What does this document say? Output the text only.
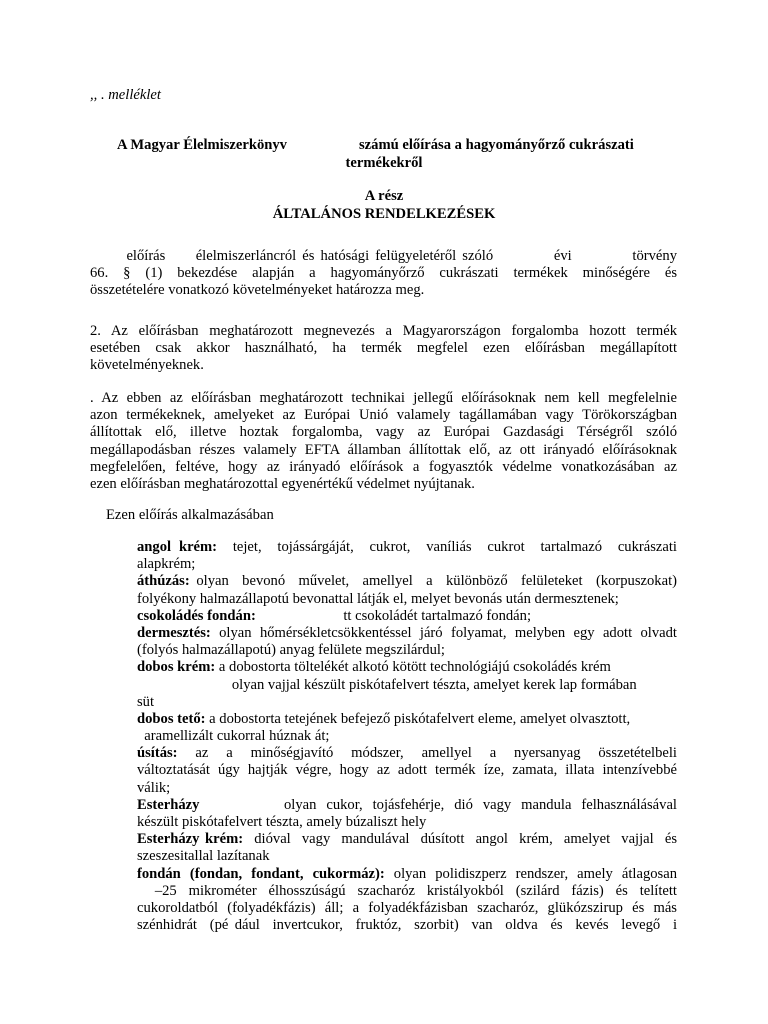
,, . melléklet
A Magyar Élelmiszerkönyv	számú előírása a hagyományőrző cukrászati
termékekről
A rész
ÁLTALÁNOS RENDELKEZÉSEK
előírás     élelmiszerláncról és hatósági felügyeletéről szóló          évi          törvény
66. § (1) bekezdése alapján a hagyományőrző cukrászati termékek minőségére és
összetételére vonatkozó követelményeket határozza meg.
2. Az előírásban meghatározott megnevezés a Magyarországon forgalomba hozott termék
esetében csak akkor használható, ha termék megfelel ezen előírásban megállapított
követelményeknek.
. Az ebben az előírásban meghatározott technikai jellegű előírásoknak nem kell megfelelnie
azon termékeknek, amelyeket az Európai Unió valamely tagállamában vagy Törökországban
állítottak elő, illetve hoztak forgalomba, vagy az Európai Gazdasági Térségről szóló
megállapodásban részes valamely EFTA államban állítottak elő, az ott irányadó előírásoknak
megfelelően, feltéve, hogy az irányadó előírások a fogyasztók védelme vonatkozásában az
ezen előírásban meghatározottal egyenértékű védelmet nyújtanak.
Ezen előírás alkalmazásában
angol krém:  tejet,  tojássárgáját,  cukrot,  vaníliás  cukrot  tartalmazó  cukrászati
alapkrém;
áthúzás: olyan  bevonó  művelet,  amellyel  a  különböző  felületeket  (korpuszokat)
folyékony halmazállapotú bevonattal látják el, melyet bevonás után dermesztenek;
csokoládés fondán:                        tt csokoládét tartalmazó fondán;
dermesztés: olyan hőmérsékletcsökkentéssel járó folyamat, melyben egy adott olvadt
(folyós halmazállapotú) anyag felülete megszilárdul;
dobos krém: a dobostorta töltelékét alkotó kötött technológiájú csokoládés krém
olyan vajjal készült piskótafelvert tészta, amelyet kerek lap formában
süt
dobos tető: a dobostorta tetejének befejező piskótafelvert eleme, amelyet olvasztott,
aramellizált cukorral húznak át;
úsítás:  az  a  minőségjavító  módszer,  amellyel  a  nyersanyag  összetételbeli
változtatását úgy hajtják végre, hogy az adott termék íze, zamata, illata intenzívebbé
válik;
Esterházy                 olyan  cukor,  tojásfehérje,  dió  vagy  mandula  felhasználásával
készült piskótafelvert tészta, amely búzaliszt hely
Esterházy krém:  dióval  vagy  mandulával  dúsított  angol  krém,  amelyet  vajjal  és
szeszesitallal lazítanak
fondán (fondan, fondant, cukormáz): olyan polidiszperz rendszer, amely átlagosan
–25  mikrométer  élhosszúságú  szacharóz  kristályokból  (szilárd  fázis)  és  telített
cukoroldatból (folyadékfázis) áll; a folyadékfázisban szacharóz, glükózszirup és más
szénhidrát  (pé dául  invertcukor,  fruktóz,  szorbit)  van  oldva  és  kevés  levegő  i
